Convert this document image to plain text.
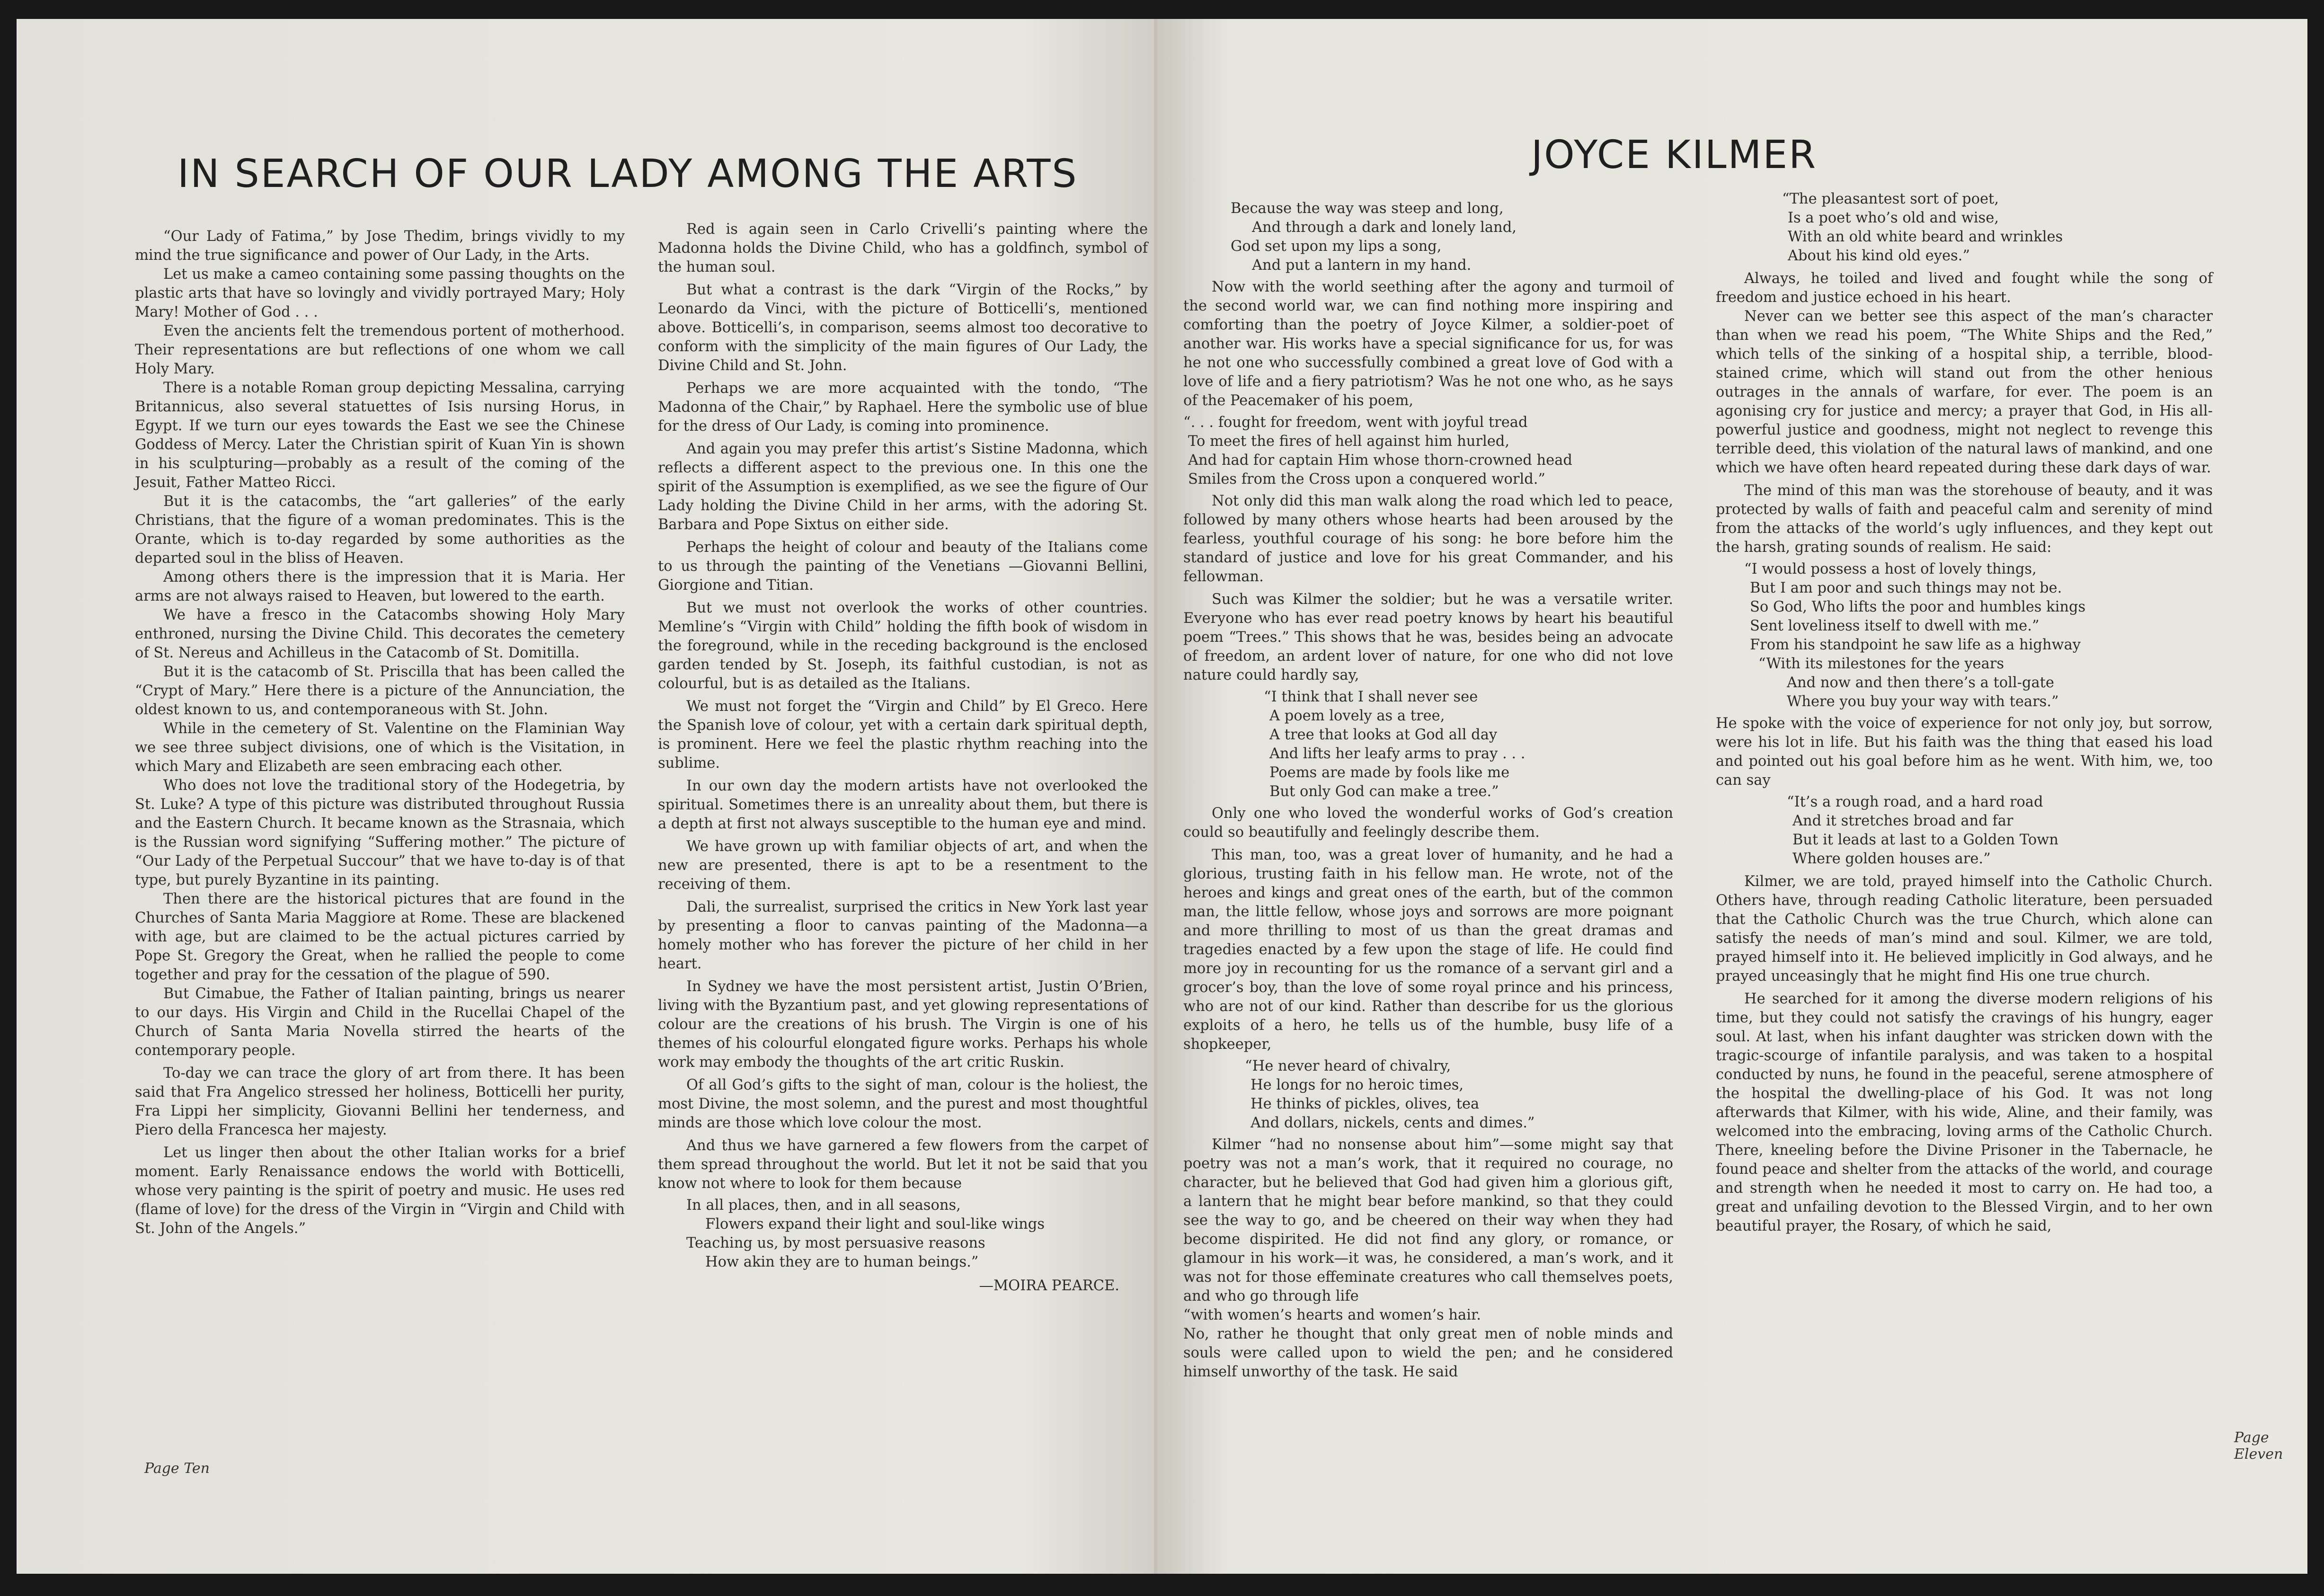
IN SEARCH OF OUR LADY AMONG THE ARTS

“Our Lady of Fatima,” by Jose Thedim, brings vividly to my mind the true significance and power of Our Lady, in the Arts.

Let us make a cameo containing some passing thoughts on the plastic arts that have so lovingly and vividly portrayed Mary; Holy Mary! Mother of God . . .

Even the ancients felt the tremendous portent of motherhood. Their representations are but reflections of one whom we call Holy Mary.

There is a notable Roman group depicting Messalina, carrying Britannicus, also several statuettes of Isis nursing Horus, in Egypt. If we turn our eyes towards the East we see the Chinese Goddess of Mercy. Later the Christian spirit of Kuan Yin is shown in his sculpturing—probably as a result of the coming of the Jesuit, Father Matteo Ricci.

But it is the catacombs, the “art galleries” of the early Christians, that the figure of a woman predominates. This is the Orante, which is to-day regarded by some authorities as the departed soul in the bliss of Heaven.

Among others there is the impression that it is Maria. Her arms are not always raised to Heaven, but lowered to the earth.

We have a fresco in the Catacombs showing Holy Mary enthroned, nursing the Divine Child. This decorates the cemetery of St. Nereus and Achilleus in the Catacomb of St. Domitilla.

But it is the catacomb of St. Priscilla that has been called the “Crypt of Mary.” Here there is a picture of the Annunciation, the oldest known to us, and contemporaneous with St. John.

While in the cemetery of St. Valentine on the Flaminian Way we see three subject divisions, one of which is the Visitation, in which Mary and Elizabeth are seen embracing each other.

Who does not love the traditional story of the Hodegetria, by St. Luke? A type of this picture was distributed throughout Russia and the Eastern Church. It became known as the Strasnaia, which is the Russian word signifying “Suffering mother.” The picture of “Our Lady of the Perpetual Succour” that we have to-day is of that type, but purely Byzantine in its painting.

Then there are the historical pictures that are found in the Churches of Santa Maria Maggiore at Rome. These are blackened with age, but are claimed to be the actual pictures carried by Pope St. Gregory the Great, when he rallied the people to come together and pray for the cessation of the plague of 590.

But Cimabue, the Father of Italian painting, brings us nearer to our days. His Virgin and Child in the Rucellai Chapel of the Church of Santa Maria Novella stirred the hearts of the contemporary people.

To-day we can trace the glory of art from there. It has been said that Fra Angelico stressed her holiness, Botticelli her purity, Fra Lippi her simplicity, Giovanni Bellini her tenderness, and Piero della Francesca her majesty.

Let us linger then about the other Italian works for a brief moment. Early Renaissance endows the world with Botticelli, whose very painting is the spirit of poetry and music. He uses red (flame of love) for the dress of the Virgin in “Virgin and Child with St. John of the Angels.”

Red is again seen in Carlo Crivelli’s painting where the Madonna holds the Divine Child, who has a goldfinch, symbol of the human soul.

But what a contrast is the dark “Virgin of the Rocks,” by Leonardo da Vinci, with the picture of Botticelli’s, mentioned above. Botticelli’s, in comparison, seems almost too decorative to conform with the simplicity of the main figures of Our Lady, the Divine Child and St. John.

Perhaps we are more acquainted with the tondo, “The Madonna of the Chair,” by Raphael. Here the symbolic use of blue for the dress of Our Lady, is coming into prominence.

And again you may prefer this artist’s Sistine Madonna, which reflects a different aspect to the previous one. In this one the spirit of the Assumption is exemplified, as we see the figure of Our Lady holding the Divine Child in her arms, with the adoring St. Barbara and Pope Sixtus on either side.

Perhaps the height of colour and beauty of the Italians come to us through the painting of the Venetians —Giovanni Bellini, Giorgione and Titian.

But we must not overlook the works of other countries. Memline’s “Virgin with Child” holding the fifth book of wisdom in the foreground, while in the receding background is the enclosed garden tended by St. Joseph, its faithful custodian, is not as colourful, but is as detailed as the Italians.

We must not forget the “Virgin and Child” by El Greco. Here the Spanish love of colour, yet with a certain dark spiritual depth, is prominent. Here we feel the plastic rhythm reaching into the sublime.

In our own day the modern artists have not overlooked the spiritual. Sometimes there is an unreality about them, but there is a depth at first not always susceptible to the human eye and mind.

We have grown up with familiar objects of art, and when the new are presented, there is apt to be a resentment to the receiving of them.

Dali, the surrealist, surprised the critics in New York last year by presenting a floor to canvas painting of the Madonna—a homely mother who has forever the picture of her child in her heart.

In Sydney we have the most persistent artist, Justin O’Brien, living with the Byzantium past, and yet glowing representations of colour are the creations of his brush. The Virgin is one of his themes of his colourful elongated figure works. Perhaps his whole work may embody the thoughts of the art critic Ruskin.

Of all God’s gifts to the sight of man, colour is the holiest, the most Divine, the most solemn, and the purest and most thoughtful minds are those which love colour the most.

And thus we have garnered a few flowers from the carpet of them spread throughout the world. But let it not be said that you know not where to look for them because

In all places, then, and in all seasons,
Flowers expand their light and soul-like wings
Teaching us, by most persuasive reasons
How akin they are to human beings.”
—MOIRA PEARCE.
Page Ten
JOYCE KILMER
Because the way was steep and long,
And through a dark and lonely land,
God set upon my lips a song,
And put a lantern in my hand.

Now with the world seething after the agony and turmoil of the second world war, we can find nothing more inspiring and comforting than the poetry of Joyce Kilmer, a soldier-poet of another war. His works have a special significance for us, for was he not one who successfully combined a great love of God with a love of life and a fiery patriotism? Was he not one who, as he says of the Peacemaker of his poem,

“. . . fought for freedom, went with joyful tread
To meet the fires of hell against him hurled,
And had for captain Him whose thorn-crowned head
Smiles from the Cross upon a conquered world.”

Not only did this man walk along the road which led to peace, followed by many others whose hearts had been aroused by the fearless, youthful courage of his song: he bore before him the standard of justice and love for his great Commander, and his fellowman.

Such was Kilmer the soldier; but he was a versatile writer. Everyone who has ever read poetry knows by heart his beautiful poem “Trees.” This shows that he was, besides being an advocate of freedom, an ardent lover of nature, for one who did not love nature could hardly say,

“I think that I shall never see
A poem lovely as a tree,
A tree that looks at God all day
And lifts her leafy arms to pray . . .
Poems are made by fools like me
But only God can make a tree.”

Only one who loved the wonderful works of God’s creation could so beautifully and feelingly describe them.

This man, too, was a great lover of humanity, and he had a glorious, trusting faith in his fellow man. He wrote, not of the heroes and kings and great ones of the earth, but of the common man, the little fellow, whose joys and sorrows are more poignant and more thrilling to most of us than the great dramas and tragedies enacted by a few upon the stage of life. He could find more joy in recounting for us the romance of a servant girl and a grocer’s boy, than the love of some royal prince and his princess, who are not of our kind. Rather than describe for us the glorious exploits of a hero, he tells us of the humble, busy life of a shopkeeper,

“He never heard of chivalry,
He longs for no heroic times,
He thinks of pickles, olives, tea
And dollars, nickels, cents and dimes.”

Kilmer “had no nonsense about him”—some might say that poetry was not a man’s work, that it required no courage, no character, but he believed that God had given him a glorious gift, a lantern that he might bear before mankind, so that they could see the way to go, and be cheered on their way when they had become dispirited. He did not find any glory, or romance, or glamour in his work—it was, he considered, a man’s work, and it was not for those effeminate creatures who call themselves poets, and who go through life

“with women’s hearts and women’s hair.

No, rather he thought that only great men of noble minds and souls were called upon to wield the pen; and he considered himself unworthy of the task. He said

“The pleasantest sort of poet,
Is a poet who’s old and wise,
With an old white beard and wrinkles
About his kind old eyes.”

Always, he toiled and lived and fought while the song of freedom and justice echoed in his heart.

Never can we better see this aspect of the man’s character than when we read his poem, “The White Ships and the Red,” which tells of the sinking of a hospital ship, a terrible, blood-stained crime, which will stand out from the other henious outrages in the annals of warfare, for ever. The poem is an agonising cry for justice and mercy; a prayer that God, in His all-powerful justice and goodness, might not neglect to revenge this terrible deed, this violation of the natural laws of mankind, and one which we have often heard repeated during these dark days of war.

The mind of this man was the storehouse of beauty, and it was protected by walls of faith and peaceful calm and serenity of mind from the attacks of the world’s ugly influences, and they kept out the harsh, grating sounds of realism. He said:

“I would possess a host of lovely things,
But I am poor and such things may not be.
So God, Who lifts the poor and humbles kings
Sent loveliness itself to dwell with me.”
From his standpoint he saw life as a highway
“With its milestones for the years
And now and then there’s a toll-gate
Where you buy your way with tears.”

He spoke with the voice of experience for not only joy, but sorrow, were his lot in life. But his faith was the thing that eased his load and pointed out his goal before him as he went. With him, we, too can say

“It’s a rough road, and a hard road
And it stretches broad and far
But it leads at last to a Golden Town
Where golden houses are.”

Kilmer, we are told, prayed himself into the Catholic Church. Others have, through reading Catholic literature, been persuaded that the Catholic Church was the true Church, which alone can satisfy the needs of man’s mind and soul. Kilmer, we are told, prayed himself into it. He believed implicitly in God always, and he prayed unceasingly that he might find His one true church.

He searched for it among the diverse modern religions of his time, but they could not satisfy the cravings of his hungry, eager soul. At last, when his infant daughter was stricken down with the tragic-scourge of infantile paralysis, and was taken to a hospital conducted by nuns, he found in the peaceful, serene atmosphere of the hospital the dwelling-place of his God. It was not long afterwards that Kilmer, with his wide, Aline, and their family, was welcomed into the embracing, loving arms of the Catholic Church. There, kneeling before the Divine Prisoner in the Tabernacle, he found peace and shelter from the attacks of the world, and courage and strength when he needed it most to carry on. He had too, a great and unfailing devotion to the Blessed Virgin, and to her own beautiful prayer, the Rosary, of which he said,

Page Eleven
